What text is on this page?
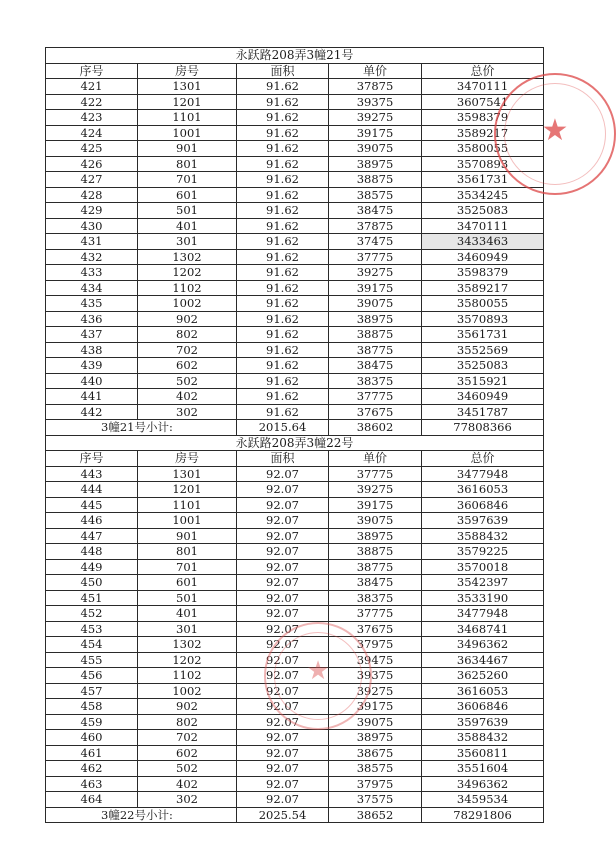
永跃路208弄3幢21号				
序号	房号	面积	单价	总价
421	1301	91.62	37875	3470111
422	1201	91.62	39375	3607541
423	1101	91.62	39275	3598379
424	1001	91.62	39175	3589217
425	901	91.62	39075	3580055
426	801	91.62	38975	3570893
427	701	91.62	38875	3561731
428	601	91.62	38575	3534245
429	501	91.62	38475	3525083
430	401	91.62	37875	3470111
431	301	91.62	37475	3433463
432	1302	91.62	37775	3460949
433	1202	91.62	39275	3598379
434	1102	91.62	39175	3589217
435	1002	91.62	39075	3580055
436	902	91.62	38975	3570893
437	802	91.62	38875	3561731
438	702	91.62	38775	3552569
439	602	91.62	38475	3525083
440	502	91.62	38375	3515921
441	402	91.62	37775	3460949
442	302	91.62	37675	3451787
3幢21号小计:		2015.64	38602	77808366
永跃路208弄3幢22号				
序号	房号	面积	单价	总价
443	1301	92.07	37775	3477948
444	1201	92.07	39275	3616053
445	1101	92.07	39175	3606846
446	1001	92.07	39075	3597639
447	901	92.07	38975	3588432
448	801	92.07	38875	3579225
449	701	92.07	38775	3570018
450	601	92.07	38475	3542397
451	501	92.07	38375	3533190
452	401	92.07	37775	3477948
453	301	92.07	37675	3468741
454	1302	92.07	37975	3496362
455	1202	92.07	39475	3634467
456	1102	92.07	39375	3625260
457	1002	92.07	39275	3616053
458	902	92.07	39175	3606846
459	802	92.07	39075	3597639
460	702	92.07	38975	3588432
461	602	92.07	38675	3560811
462	502	92.07	38575	3551604
463	402	92.07	37975	3496362
464	302	92.07	37575	3459534
3幢22号小计:		2025.54	38652	78291806
★
★
